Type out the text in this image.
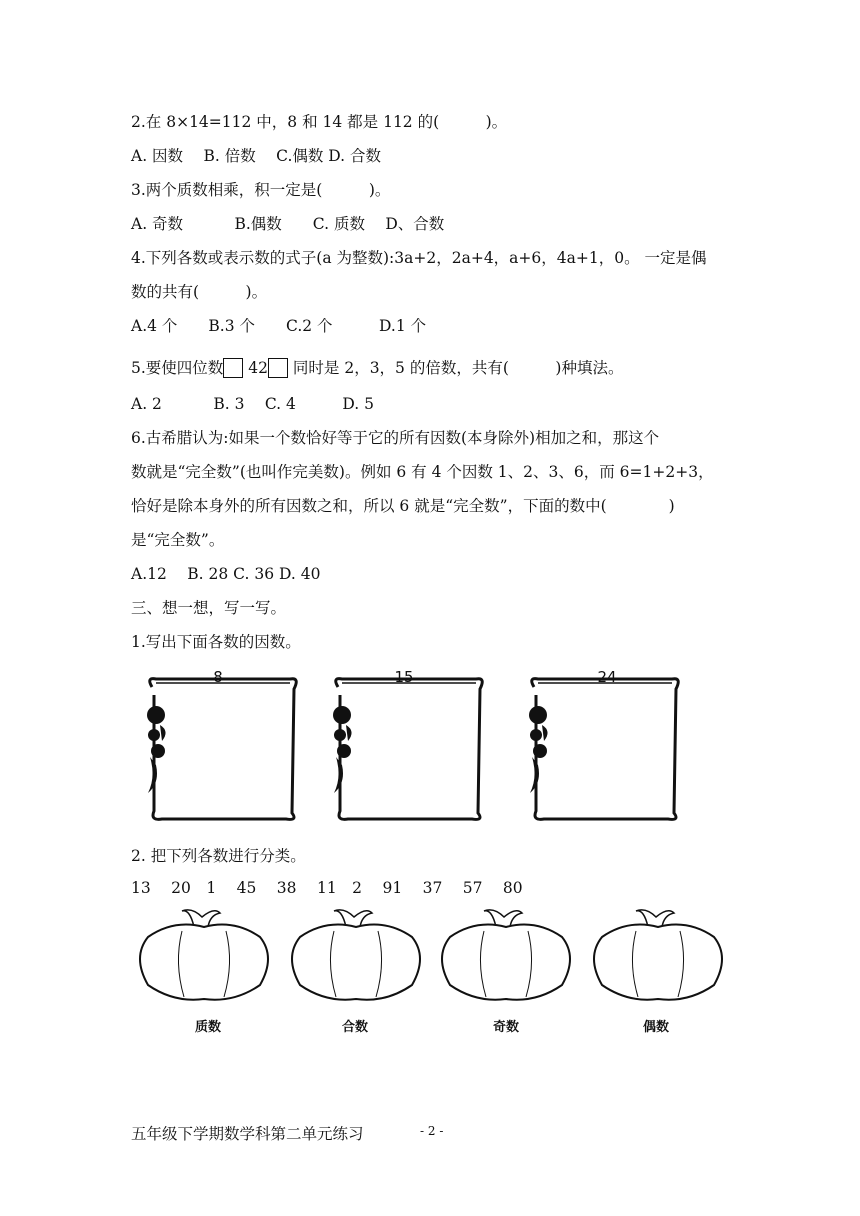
2.在 8×14=112 中，8 和 14 都是 112 的(　　　)。
A. 因数　 B. 倍数　 C.偶数 D. 合数
3.两个质数相乘，积一定是(　　　)。
A. 奇数　　　 B.偶数　　C. 质数　 D、合数
4.下列各数或表示数的式子(a 为整数):3a+2，2a+4，a+6，4a+1，0。 一定是偶
数的共有(　　　)。
A.4 个　　B.3 个　　C.2 个　　　D.1 个
5.要使四位数 42 同时是 2，3，5 的倍数，共有(　　　)种填法。
A. 2　　　 B. 3　 C. 4　　　D. 5
6.古希腊认为:如果一个数恰好等于它的所有因数(本身除外)相加之和，那这个
数就是“完全数”(也叫作完美数)。例如 6 有 4 个因数 1、2、3、6，而 6=1+2+3，
恰好是除本身外的所有因数之和，所以 6 就是“完全数”，下面的数中(　　　　)
是“完全数”。
A.12　 B. 28 C. 36 D. 40
三、想一想，写一写。
1.写出下面各数的因数。
8	15	24
2. 把下列各数进行分类。
13　 20　1　 45　 38　 11　2　 91　 37　 57　 80
质数	合数	奇数	偶数
五年级下学期数学科第二单元练习	- 2 -
